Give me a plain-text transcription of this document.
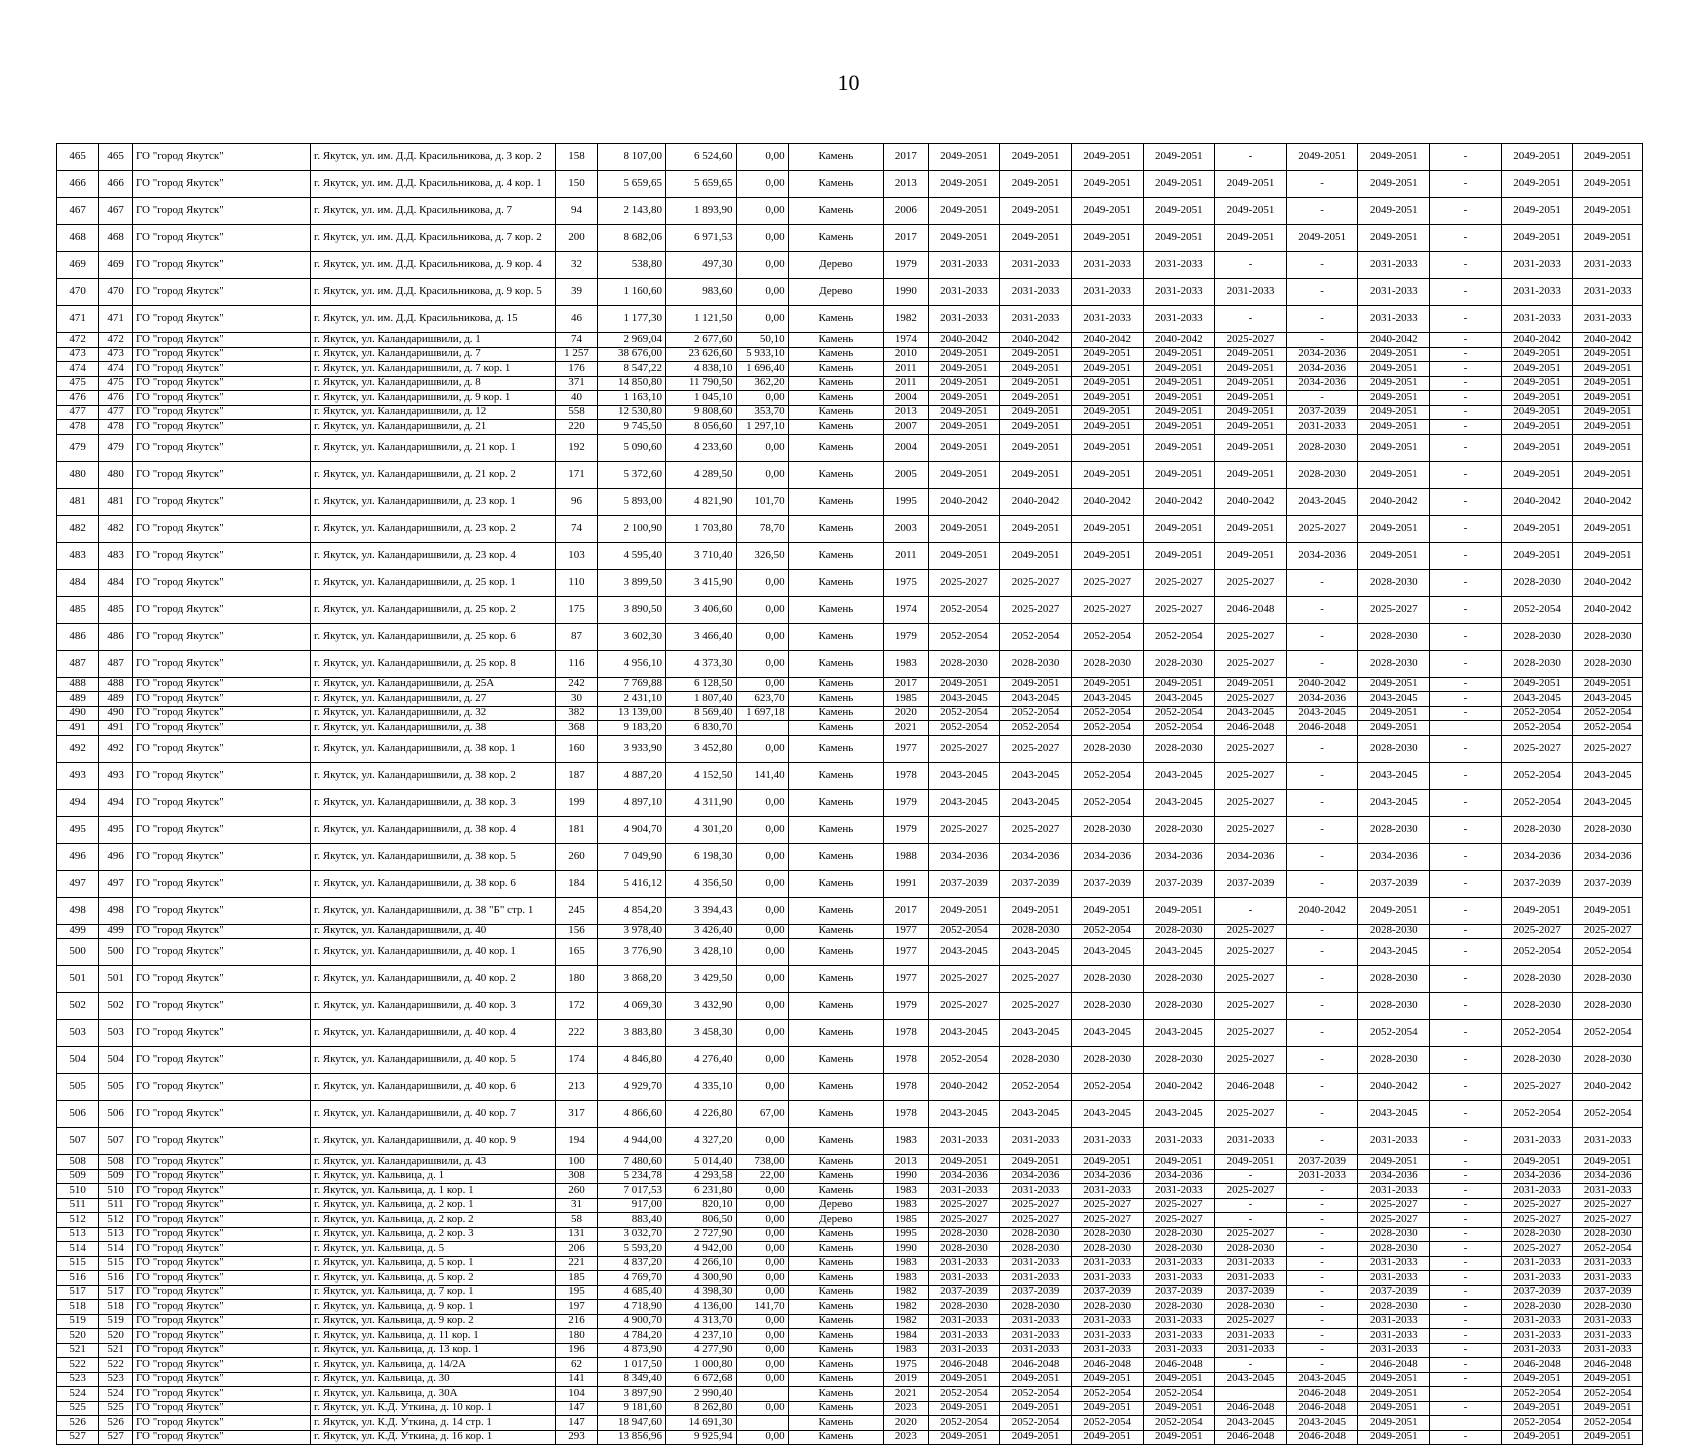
10
465	465	ГО "город Якутск"	г. Якутск, ул. им. Д.Д. Красильникова, д. 3 кор. 2	158	8 107,00	6 524,60	0,00	Камень	2017	2049-2051	2049-2051	2049-2051	2049-2051	-	2049-2051	2049-2051	-	2049-2051	2049-2051
466	466	ГО "город Якутск"	г. Якутск, ул. им. Д.Д. Красильникова, д. 4 кор. 1	150	5 659,65	5 659,65	0,00	Камень	2013	2049-2051	2049-2051	2049-2051	2049-2051	2049-2051	-	2049-2051	-	2049-2051	2049-2051
467	467	ГО "город Якутск"	г. Якутск, ул. им. Д.Д. Красильникова, д. 7	94	2 143,80	1 893,90	0,00	Камень	2006	2049-2051	2049-2051	2049-2051	2049-2051	2049-2051	-	2049-2051	-	2049-2051	2049-2051
468	468	ГО "город Якутск"	г. Якутск, ул. им. Д.Д. Красильникова, д. 7 кор. 2	200	8 682,06	6 971,53	0,00	Камень	2017	2049-2051	2049-2051	2049-2051	2049-2051	2049-2051	2049-2051	2049-2051	-	2049-2051	2049-2051
469	469	ГО "город Якутск"	г. Якутск, ул. им. Д.Д. Красильникова, д. 9 кор. 4	32	538,80	497,30	0,00	Дерево	1979	2031-2033	2031-2033	2031-2033	2031-2033	-	-	2031-2033	-	2031-2033	2031-2033
470	470	ГО "город Якутск"	г. Якутск, ул. им. Д.Д. Красильникова, д. 9 кор. 5	39	1 160,60	983,60	0,00	Дерево	1990	2031-2033	2031-2033	2031-2033	2031-2033	2031-2033	-	2031-2033	-	2031-2033	2031-2033
471	471	ГО "город Якутск"	г. Якутск, ул. им. Д.Д. Красильникова, д. 15	46	1 177,30	1 121,50	0,00	Камень	1982	2031-2033	2031-2033	2031-2033	2031-2033	-	-	2031-2033	-	2031-2033	2031-2033
472	472	ГО "город Якутск"	г. Якутск, ул. Каландаришвили, д. 1	74	2 969,04	2 677,60	50,10	Камень	1974	2040-2042	2040-2042	2040-2042	2040-2042	2025-2027	-	2040-2042	-	2040-2042	2040-2042
473	473	ГО "город Якутск"	г. Якутск, ул. Каландаришвили, д. 7	1 257	38 676,00	23 626,60	5 933,10	Камень	2010	2049-2051	2049-2051	2049-2051	2049-2051	2049-2051	2034-2036	2049-2051	-	2049-2051	2049-2051
474	474	ГО "город Якутск"	г. Якутск, ул. Каландаришвили, д. 7 кор. 1	176	8 547,22	4 838,10	1 696,40	Камень	2011	2049-2051	2049-2051	2049-2051	2049-2051	2049-2051	2034-2036	2049-2051	-	2049-2051	2049-2051
475	475	ГО "город Якутск"	г. Якутск, ул. Каландаришвили, д. 8	371	14 850,80	11 790,50	362,20	Камень	2011	2049-2051	2049-2051	2049-2051	2049-2051	2049-2051	2034-2036	2049-2051	-	2049-2051	2049-2051
476	476	ГО "город Якутск"	г. Якутск, ул. Каландаришвили, д. 9 кор. 1	40	1 163,10	1 045,10	0,00	Камень	2004	2049-2051	2049-2051	2049-2051	2049-2051	2049-2051	-	2049-2051	-	2049-2051	2049-2051
477	477	ГО "город Якутск"	г. Якутск, ул. Каландаришвили, д. 12	558	12 530,80	9 808,60	353,70	Камень	2013	2049-2051	2049-2051	2049-2051	2049-2051	2049-2051	2037-2039	2049-2051	-	2049-2051	2049-2051
478	478	ГО "город Якутск"	г. Якутск, ул. Каландаришвили, д. 21	220	9 745,50	8 056,60	1 297,10	Камень	2007	2049-2051	2049-2051	2049-2051	2049-2051	2049-2051	2031-2033	2049-2051	-	2049-2051	2049-2051
479	479	ГО "город Якутск"	г. Якутск, ул. Каландаришвили, д. 21 кор. 1	192	5 090,60	4 233,60	0,00	Камень	2004	2049-2051	2049-2051	2049-2051	2049-2051	2049-2051	2028-2030	2049-2051	-	2049-2051	2049-2051
480	480	ГО "город Якутск"	г. Якутск, ул. Каландаришвили, д. 21 кор. 2	171	5 372,60	4 289,50	0,00	Камень	2005	2049-2051	2049-2051	2049-2051	2049-2051	2049-2051	2028-2030	2049-2051	-	2049-2051	2049-2051
481	481	ГО "город Якутск"	г. Якутск, ул. Каландаришвили, д. 23 кор. 1	96	5 893,00	4 821,90	101,70	Камень	1995	2040-2042	2040-2042	2040-2042	2040-2042	2040-2042	2043-2045	2040-2042	-	2040-2042	2040-2042
482	482	ГО "город Якутск"	г. Якутск, ул. Каландаришвили, д. 23 кор. 2	74	2 100,90	1 703,80	78,70	Камень	2003	2049-2051	2049-2051	2049-2051	2049-2051	2049-2051	2025-2027	2049-2051	-	2049-2051	2049-2051
483	483	ГО "город Якутск"	г. Якутск, ул. Каландаришвили, д. 23 кор. 4	103	4 595,40	3 710,40	326,50	Камень	2011	2049-2051	2049-2051	2049-2051	2049-2051	2049-2051	2034-2036	2049-2051	-	2049-2051	2049-2051
484	484	ГО "город Якутск"	г. Якутск, ул. Каландаришвили, д. 25 кор. 1	110	3 899,50	3 415,90	0,00	Камень	1975	2025-2027	2025-2027	2025-2027	2025-2027	2025-2027	-	2028-2030	-	2028-2030	2040-2042
485	485	ГО "город Якутск"	г. Якутск, ул. Каландаришвили, д. 25 кор. 2	175	3 890,50	3 406,60	0,00	Камень	1974	2052-2054	2025-2027	2025-2027	2025-2027	2046-2048	-	2025-2027	-	2052-2054	2040-2042
486	486	ГО "город Якутск"	г. Якутск, ул. Каландаришвили, д. 25 кор. 6	87	3 602,30	3 466,40	0,00	Камень	1979	2052-2054	2052-2054	2052-2054	2052-2054	2025-2027	-	2028-2030	-	2028-2030	2028-2030
487	487	ГО "город Якутск"	г. Якутск, ул. Каландаришвили, д. 25 кор. 8	116	4 956,10	4 373,30	0,00	Камень	1983	2028-2030	2028-2030	2028-2030	2028-2030	2025-2027	-	2028-2030	-	2028-2030	2028-2030
488	488	ГО "город Якутск"	г. Якутск, ул. Каландаришвили, д. 25А	242	7 769,88	6 128,50	0,00	Камень	2017	2049-2051	2049-2051	2049-2051	2049-2051	2049-2051	2040-2042	2049-2051	-	2049-2051	2049-2051
489	489	ГО "город Якутск"	г. Якутск, ул. Каландаришвили, д. 27	30	2 431,10	1 807,40	623,70	Камень	1985	2043-2045	2043-2045	2043-2045	2043-2045	2025-2027	2034-2036	2043-2045	-	2043-2045	2043-2045
490	490	ГО "город Якутск"	г. Якутск, ул. Каландаришвили, д. 32	382	13 139,00	8 569,40	1 697,18	Камень	2020	2052-2054	2052-2054	2052-2054	2052-2054	2043-2045	2043-2045	2049-2051	-	2052-2054	2052-2054
491	491	ГО "город Якутск"	г. Якутск, ул. Каландаришвили, д. 38	368	9 183,20	6 830,70		Камень	2021	2052-2054	2052-2054	2052-2054	2052-2054	2046-2048	2046-2048	2049-2051		2052-2054	2052-2054
492	492	ГО "город Якутск"	г. Якутск, ул. Каландаришвили, д. 38 кор. 1	160	3 933,90	3 452,80	0,00	Камень	1977	2025-2027	2025-2027	2028-2030	2028-2030	2025-2027	-	2028-2030	-	2025-2027	2025-2027
493	493	ГО "город Якутск"	г. Якутск, ул. Каландаришвили, д. 38 кор. 2	187	4 887,20	4 152,50	141,40	Камень	1978	2043-2045	2043-2045	2052-2054	2043-2045	2025-2027	-	2043-2045	-	2052-2054	2043-2045
494	494	ГО "город Якутск"	г. Якутск, ул. Каландаришвили, д. 38 кор. 3	199	4 897,10	4 311,90	0,00	Камень	1979	2043-2045	2043-2045	2052-2054	2043-2045	2025-2027	-	2043-2045	-	2052-2054	2043-2045
495	495	ГО "город Якутск"	г. Якутск, ул. Каландаришвили, д. 38 кор. 4	181	4 904,70	4 301,20	0,00	Камень	1979	2025-2027	2025-2027	2028-2030	2028-2030	2025-2027	-	2028-2030	-	2028-2030	2028-2030
496	496	ГО "город Якутск"	г. Якутск, ул. Каландаришвили, д. 38 кор. 5	260	7 049,90	6 198,30	0,00	Камень	1988	2034-2036	2034-2036	2034-2036	2034-2036	2034-2036	-	2034-2036	-	2034-2036	2034-2036
497	497	ГО "город Якутск"	г. Якутск, ул. Каландаришвили, д. 38 кор. 6	184	5 416,12	4 356,50	0,00	Камень	1991	2037-2039	2037-2039	2037-2039	2037-2039	2037-2039	-	2037-2039	-	2037-2039	2037-2039
498	498	ГО "город Якутск"	г. Якутск, ул. Каландаришвили, д. 38 "Б" стр. 1	245	4 854,20	3 394,43	0,00	Камень	2017	2049-2051	2049-2051	2049-2051	2049-2051	-	2040-2042	2049-2051	-	2049-2051	2049-2051
499	499	ГО "город Якутск"	г. Якутск, ул. Каландаришвили, д. 40	156	3 978,40	3 426,40	0,00	Камень	1977	2052-2054	2028-2030	2052-2054	2028-2030	2025-2027	-	2028-2030	-	2025-2027	2025-2027
500	500	ГО "город Якутск"	г. Якутск, ул. Каландаришвили, д. 40 кор. 1	165	3 776,90	3 428,10	0,00	Камень	1977	2043-2045	2043-2045	2043-2045	2043-2045	2025-2027	-	2043-2045	-	2052-2054	2052-2054
501	501	ГО "город Якутск"	г. Якутск, ул. Каландаришвили, д. 40 кор. 2	180	3 868,20	3 429,50	0,00	Камень	1977	2025-2027	2025-2027	2028-2030	2028-2030	2025-2027	-	2028-2030	-	2028-2030	2028-2030
502	502	ГО "город Якутск"	г. Якутск, ул. Каландаришвили, д. 40 кор. 3	172	4 069,30	3 432,90	0,00	Камень	1979	2025-2027	2025-2027	2028-2030	2028-2030	2025-2027	-	2028-2030	-	2028-2030	2028-2030
503	503	ГО "город Якутск"	г. Якутск, ул. Каландаришвили, д. 40 кор. 4	222	3 883,80	3 458,30	0,00	Камень	1978	2043-2045	2043-2045	2043-2045	2043-2045	2025-2027	-	2052-2054	-	2052-2054	2052-2054
504	504	ГО "город Якутск"	г. Якутск, ул. Каландаришвили, д. 40 кор. 5	174	4 846,80	4 276,40	0,00	Камень	1978	2052-2054	2028-2030	2028-2030	2028-2030	2025-2027	-	2028-2030	-	2028-2030	2028-2030
505	505	ГО "город Якутск"	г. Якутск, ул. Каландаришвили, д. 40 кор. 6	213	4 929,70	4 335,10	0,00	Камень	1978	2040-2042	2052-2054	2052-2054	2040-2042	2046-2048	-	2040-2042	-	2025-2027	2040-2042
506	506	ГО "город Якутск"	г. Якутск, ул. Каландаришвили, д. 40 кор. 7	317	4 866,60	4 226,80	67,00	Камень	1978	2043-2045	2043-2045	2043-2045	2043-2045	2025-2027	-	2043-2045	-	2052-2054	2052-2054
507	507	ГО "город Якутск"	г. Якутск, ул. Каландаришвили, д. 40 кор. 9	194	4 944,00	4 327,20	0,00	Камень	1983	2031-2033	2031-2033	2031-2033	2031-2033	2031-2033	-	2031-2033	-	2031-2033	2031-2033
508	508	ГО "город Якутск"	г. Якутск, ул. Каландаришвили, д. 43	100	7 480,60	5 014,40	738,00	Камень	2013	2049-2051	2049-2051	2049-2051	2049-2051	2049-2051	2037-2039	2049-2051	-	2049-2051	2049-2051
509	509	ГО "город Якутск"	г. Якутск, ул. Кальвица, д. 1	308	5 234,78	4 293,58	22,00	Камень	1990	2034-2036	2034-2036	2034-2036	2034-2036	-	2031-2033	2034-2036	-	2034-2036	2034-2036
510	510	ГО "город Якутск"	г. Якутск, ул. Кальвица, д. 1 кор. 1	260	7 017,53	6 231,80	0,00	Камень	1983	2031-2033	2031-2033	2031-2033	2031-2033	2025-2027	-	2031-2033	-	2031-2033	2031-2033
511	511	ГО "город Якутск"	г. Якутск, ул. Кальвица, д. 2 кор. 1	31	917,00	820,10	0,00	Дерево	1983	2025-2027	2025-2027	2025-2027	2025-2027	-	-	2025-2027	-	2025-2027	2025-2027
512	512	ГО "город Якутск"	г. Якутск, ул. Кальвица, д. 2 кор. 2	58	883,40	806,50	0,00	Дерево	1985	2025-2027	2025-2027	2025-2027	2025-2027	-	-	2025-2027	-	2025-2027	2025-2027
513	513	ГО "город Якутск"	г. Якутск, ул. Кальвица, д. 2 кор. 3	131	3 032,70	2 727,90	0,00	Камень	1995	2028-2030	2028-2030	2028-2030	2028-2030	2025-2027	-	2028-2030	-	2028-2030	2028-2030
514	514	ГО "город Якутск"	г. Якутск, ул. Кальвица, д. 5	206	5 593,20	4 942,00	0,00	Камень	1990	2028-2030	2028-2030	2028-2030	2028-2030	2028-2030	-	2028-2030	-	2025-2027	2052-2054
515	515	ГО "город Якутск"	г. Якутск, ул. Кальвица, д. 5 кор. 1	221	4 837,20	4 266,10	0,00	Камень	1983	2031-2033	2031-2033	2031-2033	2031-2033	2031-2033	-	2031-2033	-	2031-2033	2031-2033
516	516	ГО "город Якутск"	г. Якутск, ул. Кальвица, д. 5 кор. 2	185	4 769,70	4 300,90	0,00	Камень	1983	2031-2033	2031-2033	2031-2033	2031-2033	2031-2033	-	2031-2033	-	2031-2033	2031-2033
517	517	ГО "город Якутск"	г. Якутск, ул. Кальвица, д. 7 кор. 1	195	4 685,40	4 398,30	0,00	Камень	1982	2037-2039	2037-2039	2037-2039	2037-2039	2037-2039	-	2037-2039	-	2037-2039	2037-2039
518	518	ГО "город Якутск"	г. Якутск, ул. Кальвица, д. 9 кор. 1	197	4 718,90	4 136,00	141,70	Камень	1982	2028-2030	2028-2030	2028-2030	2028-2030	2028-2030	-	2028-2030	-	2028-2030	2028-2030
519	519	ГО "город Якутск"	г. Якутск, ул. Кальвица, д. 9 кор. 2	216	4 900,70	4 313,70	0,00	Камень	1982	2031-2033	2031-2033	2031-2033	2031-2033	2025-2027	-	2031-2033	-	2031-2033	2031-2033
520	520	ГО "город Якутск"	г. Якутск, ул. Кальвица, д. 11 кор. 1	180	4 784,20	4 237,10	0,00	Камень	1984	2031-2033	2031-2033	2031-2033	2031-2033	2031-2033	-	2031-2033	-	2031-2033	2031-2033
521	521	ГО "город Якутск"	г. Якутск, ул. Кальвица, д. 13 кор. 1	196	4 873,90	4 277,90	0,00	Камень	1983	2031-2033	2031-2033	2031-2033	2031-2033	2031-2033	-	2031-2033	-	2031-2033	2031-2033
522	522	ГО "город Якутск"	г. Якутск, ул. Кальвица, д. 14/2А	62	1 017,50	1 000,80	0,00	Камень	1975	2046-2048	2046-2048	2046-2048	2046-2048	-	-	2046-2048	-	2046-2048	2046-2048
523	523	ГО "город Якутск"	г. Якутск, ул. Кальвица, д. 30	141	8 349,40	6 672,68	0,00	Камень	2019	2049-2051	2049-2051	2049-2051	2049-2051	2043-2045	2043-2045	2049-2051	-	2049-2051	2049-2051
524	524	ГО "город Якутск"	г. Якутск, ул. Кальвица, д. 30А	104	3 897,90	2 990,40		Камень	2021	2052-2054	2052-2054	2052-2054	2052-2054		2046-2048	2049-2051		2052-2054	2052-2054
525	525	ГО "город Якутск"	г. Якутск, ул. К.Д. Уткина, д. 10 кор. 1	147	9 181,60	8 262,80	0,00	Камень	2023	2049-2051	2049-2051	2049-2051	2049-2051	2046-2048	2046-2048	2049-2051	-	2049-2051	2049-2051
526	526	ГО "город Якутск"	г. Якутск, ул. К.Д. Уткина, д. 14 стр. 1	147	18 947,60	14 691,30		Камень	2020	2052-2054	2052-2054	2052-2054	2052-2054	2043-2045	2043-2045	2049-2051		2052-2054	2052-2054
527	527	ГО "город Якутск"	г. Якутск, ул. К.Д. Уткина, д. 16 кор. 1	293	13 856,96	9 925,94	0,00	Камень	2023	2049-2051	2049-2051	2049-2051	2049-2051	2046-2048	2046-2048	2049-2051	-	2049-2051	2049-2051
